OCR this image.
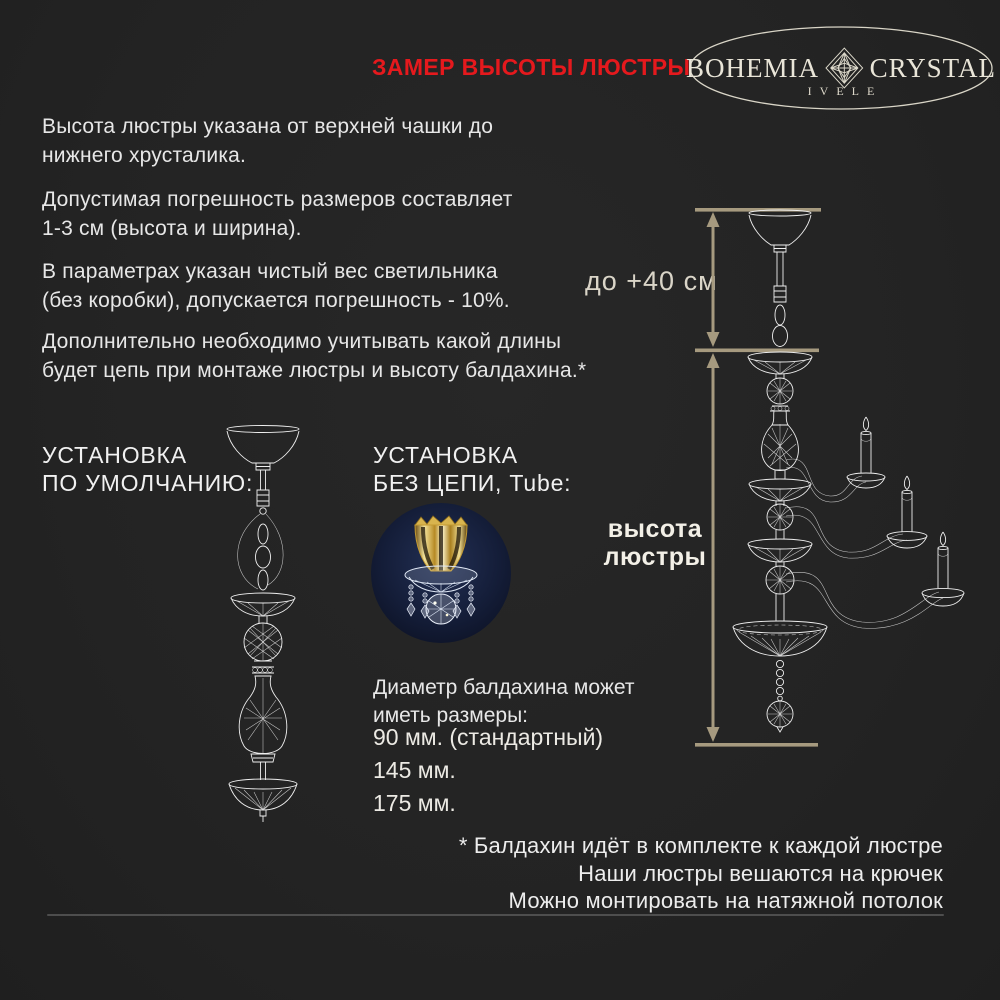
ЗАМЕР ВЫСОТЫ ЛЮСТРЫ
BOHEMIA CRYSTAL
IVELE
Высота люстры указана от верхней чашки до
нижнего хрусталика.
Допустимая погрешность размеров составляет
1-3 см (высота и ширина).
В параметрах указан чистый вес светильника
(без коробки), допускается погрешность - 10%.
Дополнительно необходимо учитывать какой длины
будет цепь при монтаже люстры и высоту балдахина.*
УСТАНОВКА
ПО УМОЛЧАНИЮ:
УСТАНОВКА
БЕЗ ЦЕПИ, Tube:
Диаметр балдахина может
иметь размеры:
90 мм. (стандартный)
145 мм.
175 мм.
до +40 см
высота
люстры
* Балдахин идёт в комплекте к каждой люстре
Наши люстры вешаются на крючек
Можно монтировать на натяжной потолок
